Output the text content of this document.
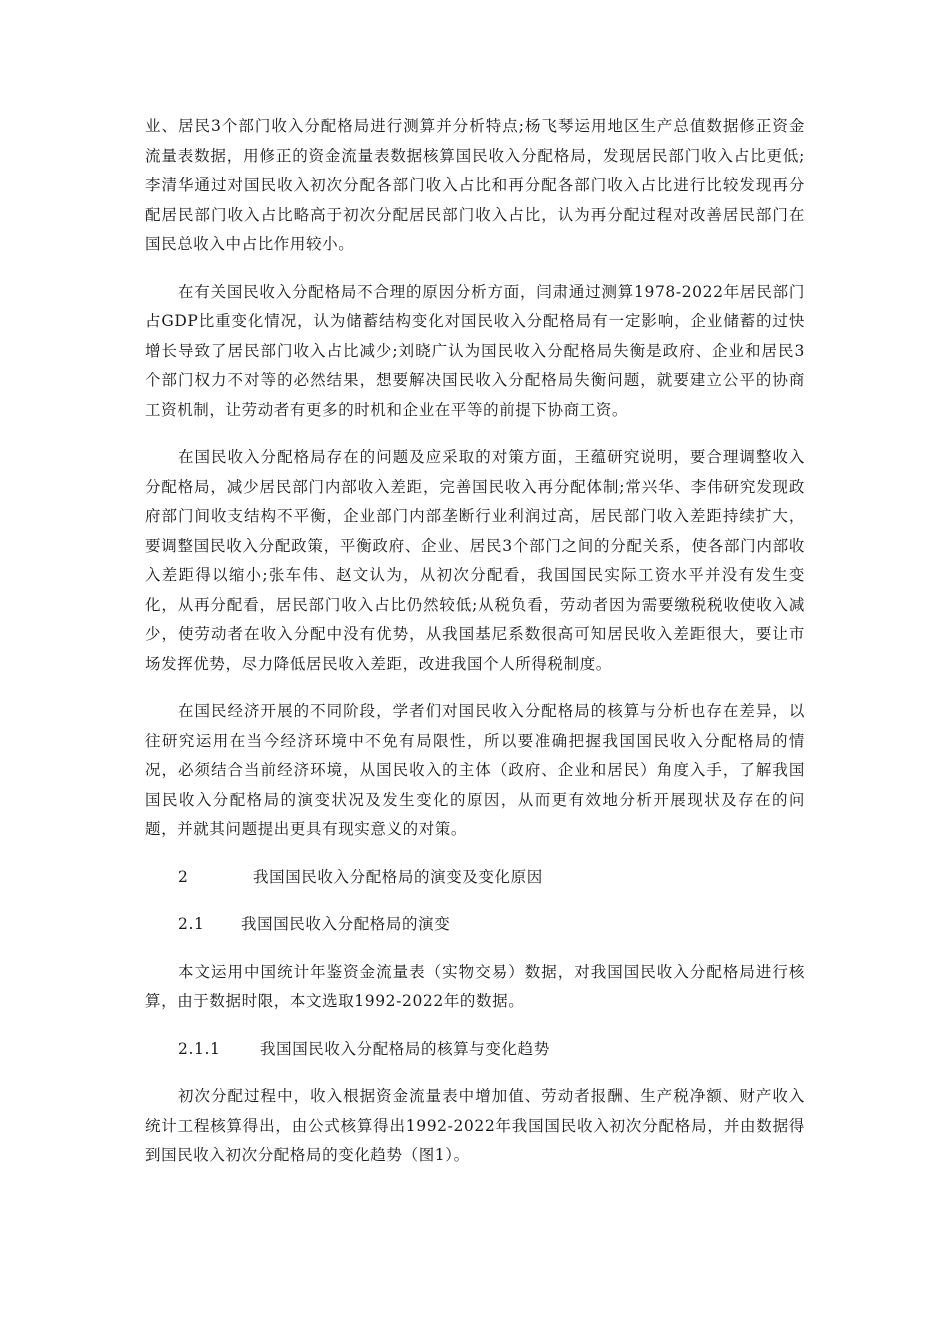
业、居民3个部门收入分配格局进行测算并分析特点;杨飞琴运用地区生产总值数据修正资金流量表数据，用修正的资金流量表数据核算国民收入分配格局，发现居民部门收入占比更低;李清华通过对国民收入初次分配各部门收入占比和再分配各部门收入占比进行比较发现再分配居民部门收入占比略高于初次分配居民部门收入占比，认为再分配过程对改善居民部门在国民总收入中占比作用较小。

在有关国民收入分配格局不合理的原因分析方面，闫肃通过测算1978-2022年居民部门占GDP比重变化情况，认为储蓄结构变化对国民收入分配格局有一定影响，企业储蓄的过快增长导致了居民部门收入占比减少;刘晓广认为国民收入分配格局失衡是政府、企业和居民3个部门权力不对等的必然结果，想要解决国民收入分配格局失衡问题，就要建立公平的协商工资机制，让劳动者有更多的时机和企业在平等的前提下协商工资。

在国民收入分配格局存在的问题及应采取的对策方面，王蕴研究说明，要合理调整收入分配格局，减少居民部门内部收入差距，完善国民收入再分配体制;常兴华、李伟研究发现政府部门间收支结构不平衡，企业部门内部垄断行业利润过高，居民部门收入差距持续扩大，要调整国民收入分配政策，平衡政府、企业、居民3个部门之间的分配关系，使各部门内部收入差距得以缩小;张车伟、赵文认为，从初次分配看，我国国民实际工资水平并没有发生变化，从再分配看，居民部门收入占比仍然较低;从税负看，劳动者因为需要缴税税收使收入减少，使劳动者在收入分配中没有优势，从我国基尼系数很高可知居民收入差距很大，要让市场发挥优势，尽力降低居民收入差距，改进我国个人所得税制度。

在国民经济开展的不同阶段，学者们对国民收入分配格局的核算与分析也存在差异，以往研究运用在当今经济环境中不免有局限性，所以要准确把握我国国民收入分配格局的情况，必须结合当前经济环境，从国民收入的主体（政府、企业和居民）角度入手，了解我国国民收入分配格局的演变状况及发生变化的原因，从而更有效地分析开展现状及存在的问题，并就其问题提出更具有现实意义的对策。

2	我国国民收入分配格局的演变及变化原因
2.1	我国国民收入分配格局的演变

本文运用中国统计年鉴资金流量表（实物交易）数据，对我国国民收入分配格局进行核算，由于数据时限，本文选取1992-2022年的数据。

2.1.1	我国国民收入分配格局的核算与变化趋势

初次分配过程中，收入根据资金流量表中增加值、劳动者报酬、生产税净额、财产收入统计工程核算得出，由公式核算得出1992-2022年我国国民收入初次分配格局，并由数据得到国民收入初次分配格局的变化趋势（图1）。
